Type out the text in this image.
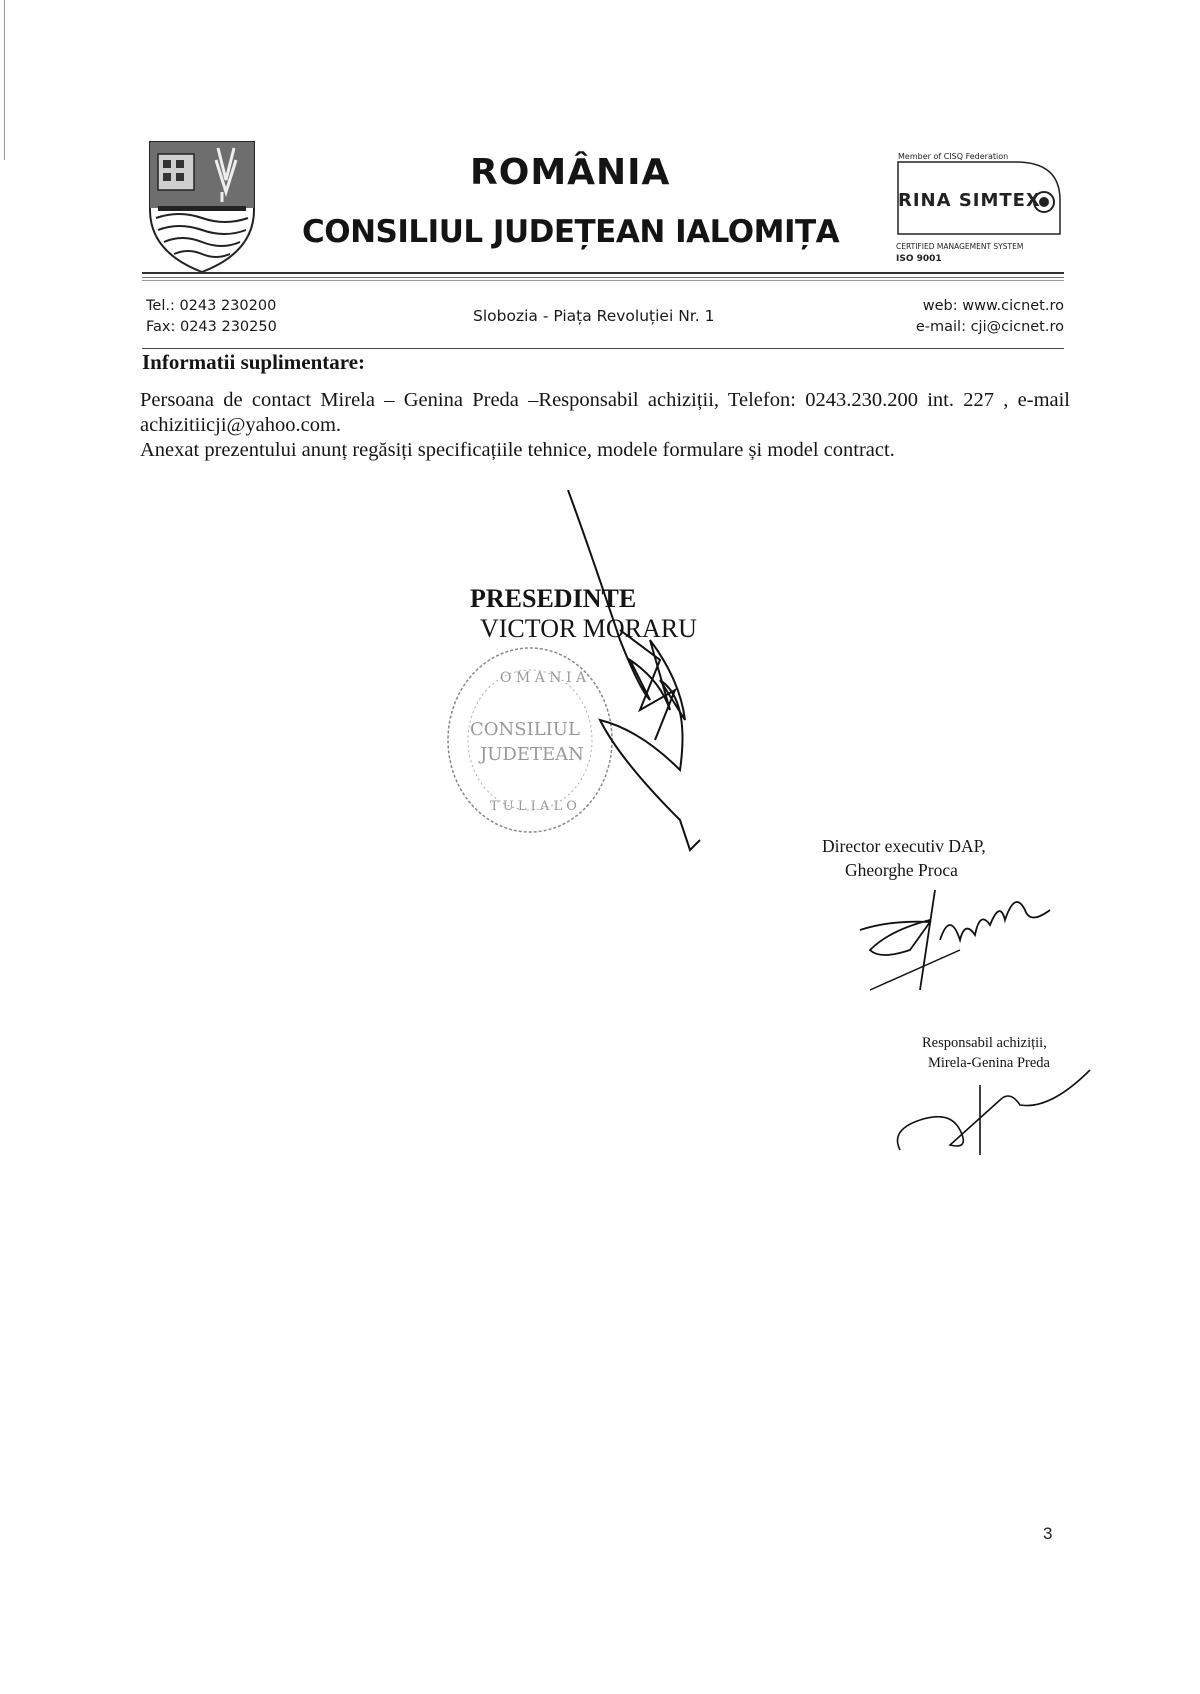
ROMÂNIA
CONSILIUL JUDEȚEAN IALOMIȚA
Member of CISQ Federation
RINA SIMTEX
CERTIFIED MANAGEMENT SYSTEM
ISO 9001
Tel.: 0243 230200
Fax: 0243 230250
Slobozia - Piața Revoluției Nr. 1
web: www.cicnet.ro
e-mail: cji@cicnet.ro
Informatii suplimentare:

Persoana de contact Mirela – Genina Preda –Responsabil achiziții, Telefon: 0243.230.200 int. 227 , e-mail achizitiicji@yahoo.com.

Anexat prezentului anunț regăsiți specificațiile tehnice, modele formulare și model contract.

PRESEDINTE
VICTOR MORARU
O M A N I A
CONSILIUL
JUDETEAN
T U L I A L O
Director executiv DAP,
Gheorghe Proca
Responsabil achiziții,
Mirela-Genina Preda
3
